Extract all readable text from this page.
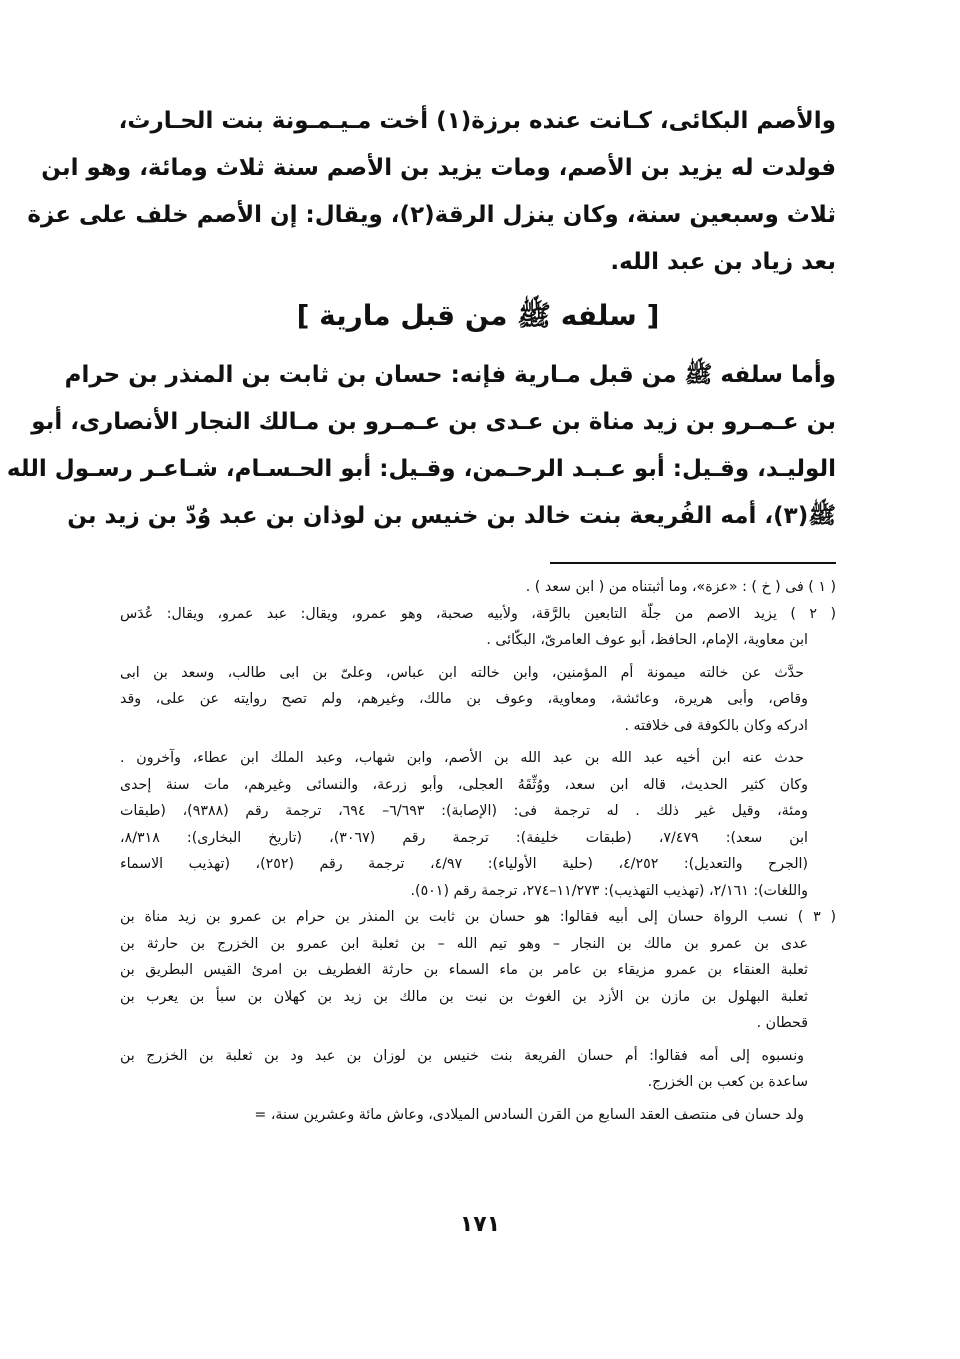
والأصم البكائى، كـانت عنده برزة(١) أخت مـيـمـونة بنت الحـارث،
فولدت له يزيد بن الأصم، ومات يزيد بن الأصم سنة ثلاث ومائة، وهو ابن
ثلاث وسبعين سنة، وكان ينزل الرقة(٢)، ويقال: إن الأصم خلف على عزة
بعد زياد بن عبد الله.
[ سلفه ﷺ من قبل مارية ]
وأما سلفه ﷺ من قبل مـارية فإنه: حسان بن ثابت بن المنذر بن حرام
بن عـمـرو بن زيد مناة بن عـدى بن عـمـرو بن مـالك النجار الأنصارى، أبو
الوليـد، وقـيل: أبو عـبـد الرحـمن، وقـيل: أبو الحـسـام، شـاعـر رسـول الله
ﷺ(٣)، أمه الفُريعة بنت خالد بن خنيس بن لوذان بن عبد وُدّ بن زيد بن
( ١ ) فى ( خ ) : «عزة»، وما أثبتناه من ( ابن سعد ) .
( ٢ ) يزيد الاصم من جلّة التابعين بالرَّقة، ولأبيه صحبة، وهو عمرو، ويقال: عبد عمرو، ويقال: عُدَس
ابن معاوية، الإمام، الحافظ، أبو عوف العامرىّ، البكّائى .
حدَّث عن خالته ميمونة أم المؤمنين، وابن خالته ابن عباس، وعلىّ بن ابى طالب، وسعد بن ابى
وقاص، وأبى هريرة، وعائشة، ومعاوية، وعوف بن مالك، وغيرهم، ولم تصح روايته عن على، وقد
ادركه وكان بالكوفة فى خلافته .
حدث عنه ابن أخيه عبد الله بن عبد الله بن الأصم، وابن شهاب، وعبد الملك ابن عطاء، وآخرون .
وكان كثير الحديث، قاله ابن سعد، ووُثِّقَهُ العجلى، وأبو زرعة، والنسائى وغيرهم، مات سنة إحدى
ومئة، وقيل غير ذلك . له ترجمة فى: (الإصابة): ٦/٦٩٣– ٦٩٤، ترجمة رقم (٩٣٨٨)، (طبقات
ابن سعد): ٧/٤٧٩، (طبقات خليفة): ترجمة رقم (٣٠٦٧)، (تاريخ البخارى): ٨/٣١٨،
(الجرح والتعديل): ٤/٢٥٢، (حلية الأولياء): ٤/٩٧، ترجمة رقم (٢٥٢)، (تهذيب الاسماء
واللغات): ٢/١٦١، (تهذيب التهذيب): ١١/٢٧٣–٢٧٤، ترجمة رقم (٥٠١).
( ٣ ) نسب الرواة حسان إلى أبيه فقالوا: هو حسان بن ثابت بن المنذر بن حرام بن عمرو بن زيد مناة بن
عدى بن عمرو بن مالك بن النجار – وهو تيم الله – بن ثعلبة ابن عمرو بن الخزرج بن حارثة بن
ثعلبة العنقاء بن عمرو مزيقاء بن عامر بن ماء السماء بن حارثة الغطريف بن امرئ القيس البطريق بن
ثعلبة البهلول بن مازن بن الأزد بن الغوث بن نبت بن مالك بن زيد بن كهلان بن سبأ بن يعرب بن
قحطان .
ونسبوه إلى أمه فقالوا: أم حسان الفريعة بنت خنيس بن لوزان بن عبد ود بن ثعلبة بن الخزرج بن
ساعدة بن كعب بن الخزرج.
ولد حسان فى منتصف العقد السابع من القرن السادس الميلادى، وعاش مائة وعشرين سنة، =
١٧١
